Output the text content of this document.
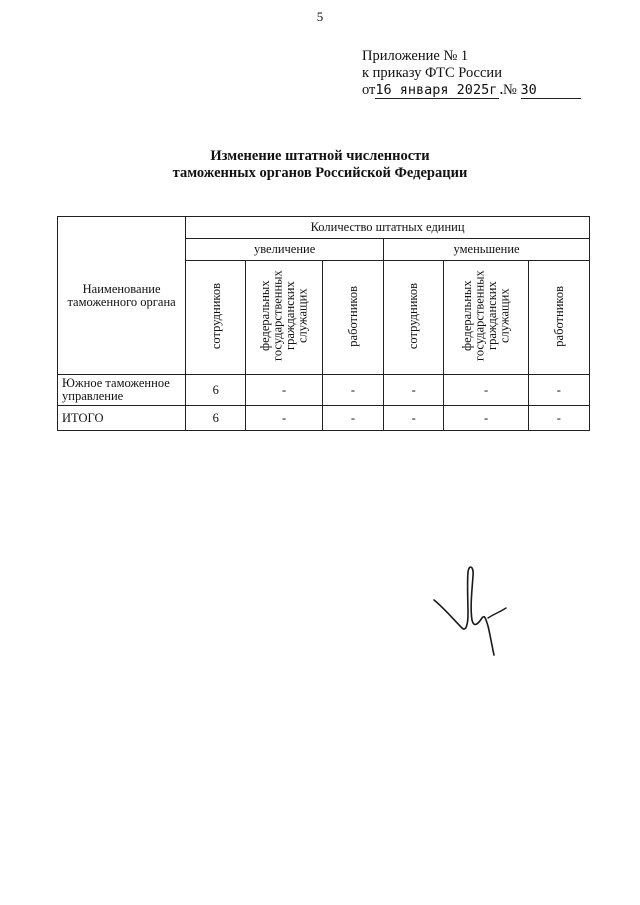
5
Приложение № 1
к приказу ФТС России
от16 января 2025г. № 30
Изменение штатной численности
таможенных органов Российской Федерации
Наименование таможенного органа	Количество штатных единиц					
	увеличение			уменьшение		
	сотрудников	федеральных государственных гражданских служащих	работников	сотрудников	федеральных государственных гражданских служащих	работников
Южное таможенное управление	6	-	-	-	-	-
ИТОГО	6	-	-	-	-	-
